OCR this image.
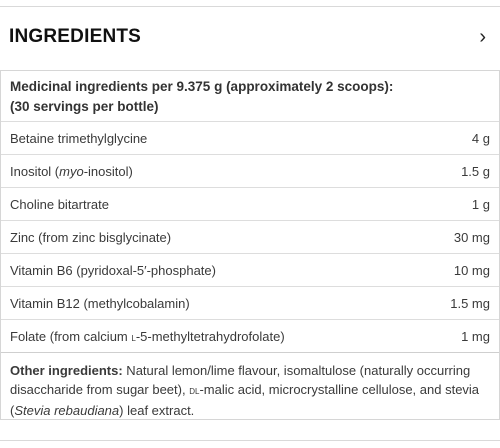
INGREDIENTS	›
Medicinal ingredients per 9.375 g (approximately 2 scoops):
(30 servings per bottle)
Betaine trimethylglycine	4 g
Inositol (myo-inositol)	1.5 g
Choline bitartrate	1 g
Zinc (from zinc bisglycinate)	30 mg
Vitamin B6 (pyridoxal-5′-phosphate)	10 mg
Vitamin B12 (methylcobalamin)	1.5 mg
Folate (from calcium l-5-methyltetrahydrofolate)	1 mg
Other ingredients: Natural lemon/lime flavour, isomaltulose (naturally occurring disaccharide from sugar beet), dl-malic acid, microcrystalline cellulose, and stevia (Stevia rebaudiana) leaf extract.
